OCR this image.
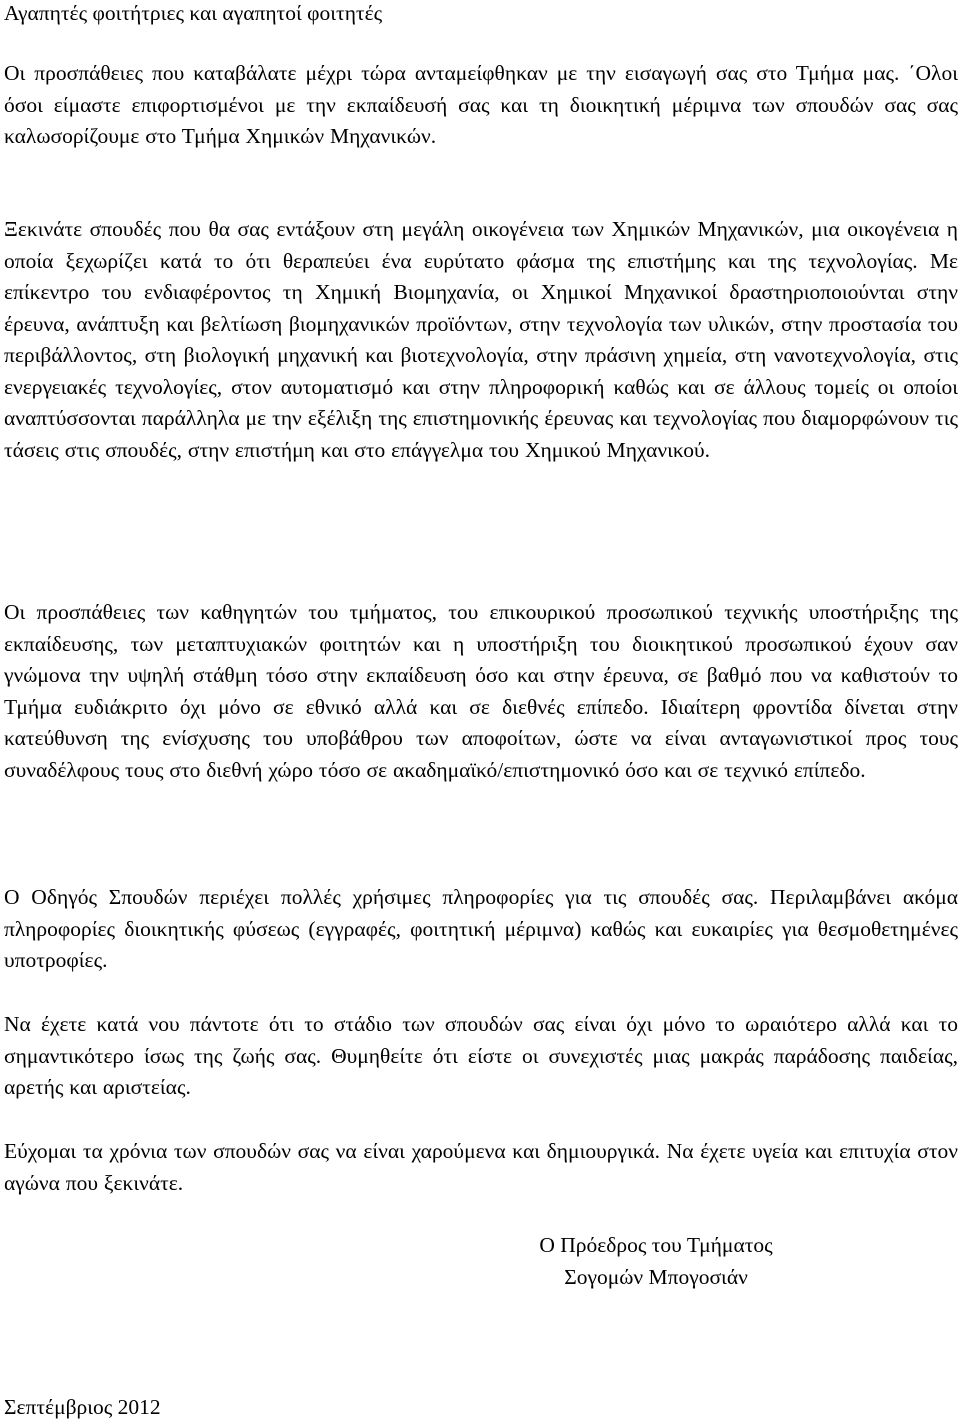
Αγαπητές φοιτήτριες και αγαπητοί φοιτητές

Οι προσπάθειες που καταβάλατε μέχρι τώρα ανταμείφθηκαν με την εισαγωγή σας στο Τμήμα μας. ΄Ολοι όσοι είμαστε επιφορτισμένοι με την εκπαίδευσή σας και τη διοικητική μέριμνα των σπουδών σας σας καλωσορίζουμε στο Τμήμα Χημικών Μηχανικών.

Ξεκινάτε σπουδές που θα σας εντάξουν στη μεγάλη οικογένεια των Χημικών Μηχανικών, μια οικογένεια η οποία ξεχωρίζει κατά το ότι θεραπεύει ένα ευρύτατο φάσμα της επιστήμης και της τεχνολογίας. Με επίκεντρο του ενδιαφέροντος τη Χημική Βιομηχανία, οι Χημικοί Μηχανικοί δραστηριοποιούνται στην έρευνα, ανάπτυξη και βελτίωση βιομηχανικών προϊόντων, στην τεχνολογία των υλικών, στην προστασία του περιβάλλοντος, στη βιολογική μηχανική και βιοτεχνολογία, στην πράσινη χημεία, στη νανοτεχνολογία, στις ενεργειακές τεχνολογίες, στον αυτοματισμό και στην πληροφορική καθώς και σε άλλους τομείς οι οποίοι αναπτύσσονται παράλληλα με την εξέλιξη της επιστημονικής έρευνας και τεχνολογίας που διαμορφώνουν τις τάσεις στις σπουδές, στην επιστήμη και στο επάγγελμα του Χημικού Μηχανικού.

Οι προσπάθειες των καθηγητών του τμήματος, του επικουρικού προσωπικού τεχνικής υποστήριξης της εκπαίδευσης, των μεταπτυχιακών φοιτητών και η υποστήριξη του διοικητικού προσωπικού έχουν σαν γνώμονα την υψηλή στάθμη τόσο στην εκπαίδευση όσο και στην έρευνα, σε βαθμό που να καθιστούν το Τμήμα ευδιάκριτο όχι μόνο σε εθνικό αλλά και σε διεθνές επίπεδο. Ιδιαίτερη φροντίδα δίνεται στην κατεύθυνση της ενίσχυσης του υποβάθρου των αποφοίτων, ώστε να είναι ανταγωνιστικοί προς τους συναδέλφους τους στο διεθνή χώρο τόσο σε ακαδημαϊκό/επιστημονικό όσο και σε τεχνικό επίπεδο.

Ο Οδηγός Σπουδών περιέχει πολλές χρήσιμες πληροφορίες για τις σπουδές σας. Περιλαμβάνει ακόμα πληροφορίες διοικητικής φύσεως (εγγραφές, φοιτητική μέριμνα) καθώς και ευκαιρίες για θεσμοθετημένες υποτροφίες.

Να έχετε κατά νου πάντοτε ότι το στάδιο των σπουδών σας είναι όχι μόνο το ωραιότερο αλλά και το σημαντικότερο ίσως της ζωής σας. Θυμηθείτε ότι είστε οι συνεχιστές μιας μακράς παράδοσης παιδείας, αρετής και αριστείας.

Εύχομαι τα χρόνια των σπουδών σας να είναι χαρούμενα και δημιουργικά. Να έχετε υγεία και επιτυχία στον αγώνα που ξεκινάτε.

Ο Πρόεδρος του Τμήματος
Σογομών Μπογοσιάν
Σεπτέμβριος 2012
